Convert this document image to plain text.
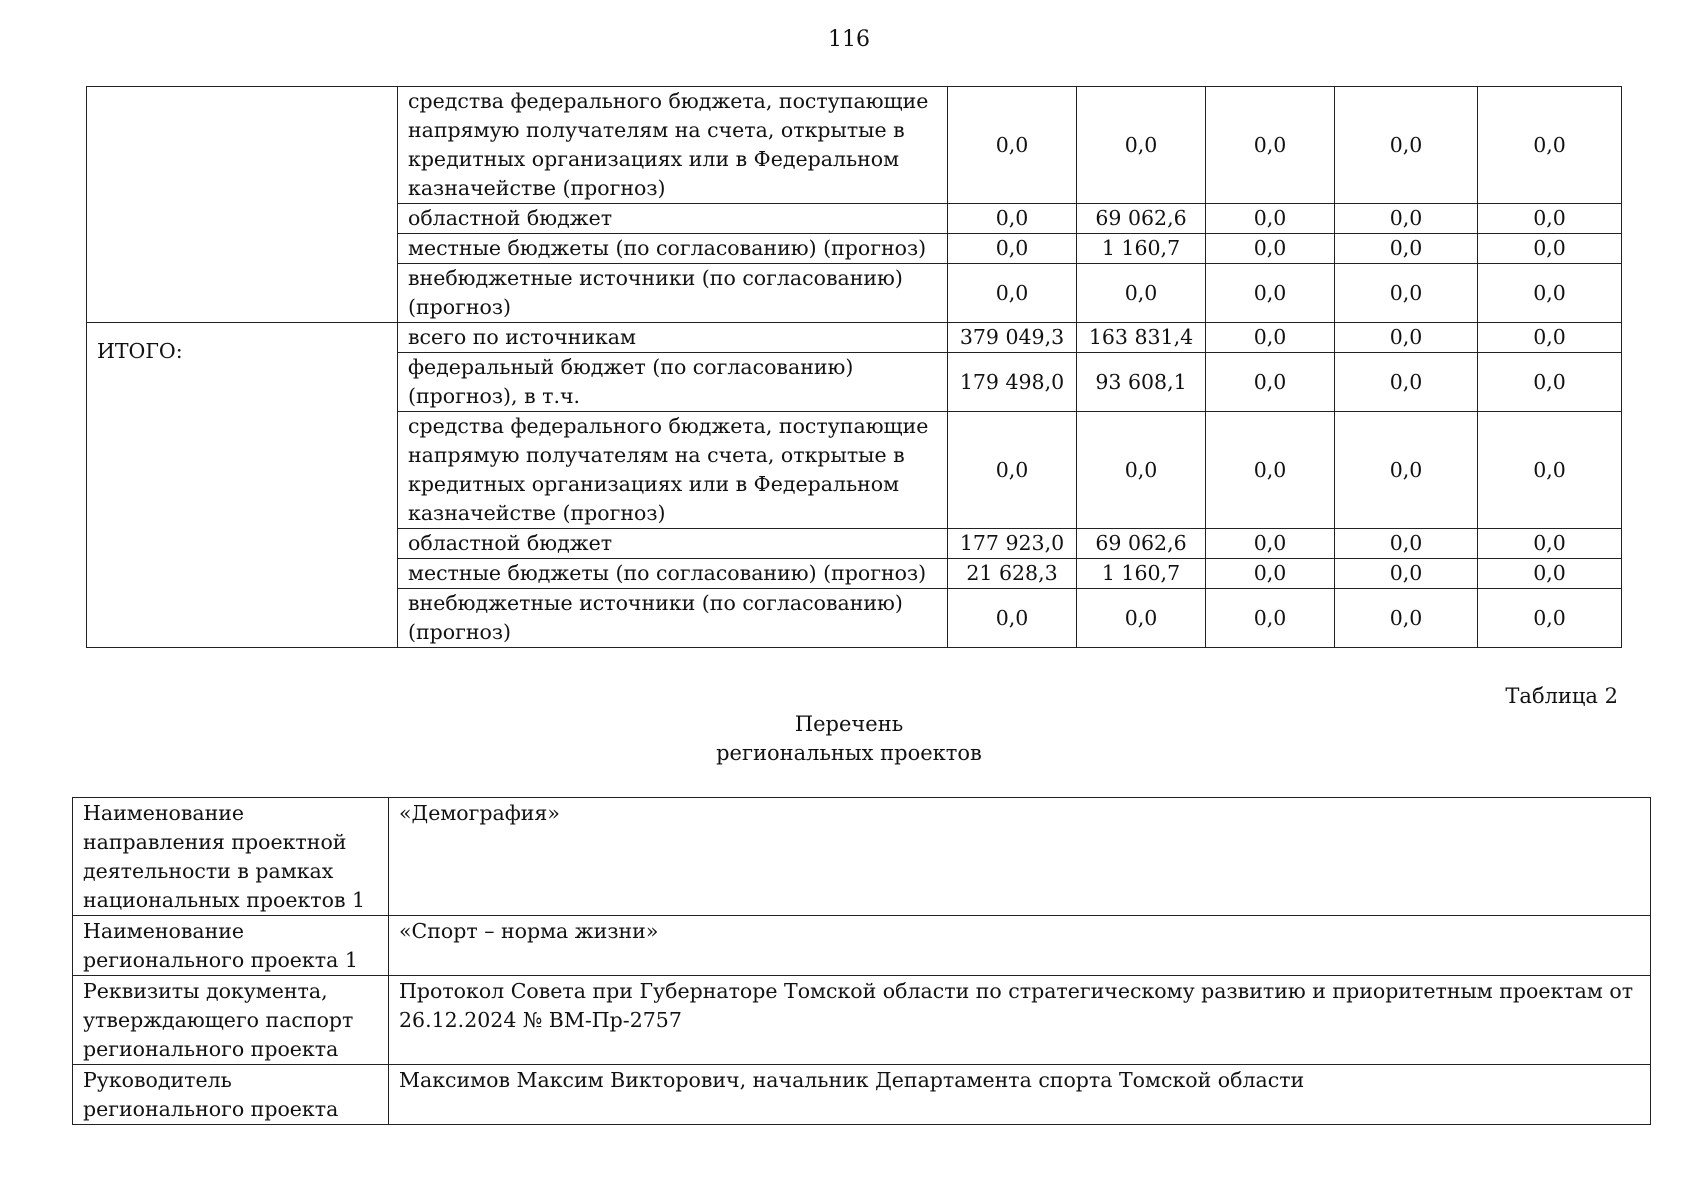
116
	средства федерального бюджета, поступающие напрямую получателям на счета, открытые в кредитных организациях или в Федеральном казначействе (прогноз)	0,0	0,0	0,0	0,0	0,0
	областной бюджет	0,0	69 062,6	0,0	0,0	0,0
	местные бюджеты (по согласованию) (прогноз)	0,0	1 160,7	0,0	0,0	0,0
	внебюджетные источники (по согласованию) (прогноз)	0,0	0,0	0,0	0,0	0,0
ИТОГО:	всего по источникам	379 049,3	163 831,4	0,0	0,0	0,0
	федеральный бюджет (по согласованию) (прогноз), в т.ч.	179 498,0	93 608,1	0,0	0,0	0,0
	средства федерального бюджета, поступающие напрямую получателям на счета, открытые в кредитных организациях или в Федеральном казначействе (прогноз)	0,0	0,0	0,0	0,0	0,0
	областной бюджет	177 923,0	69 062,6	0,0	0,0	0,0
	местные бюджеты (по согласованию) (прогноз)	21 628,3	1 160,7	0,0	0,0	0,0
	внебюджетные источники (по согласованию) (прогноз)	0,0	0,0	0,0	0,0	0,0
Таблица 2
Перечень
региональных проектов
Наименование направления проектной деятельности в рамках национальных проектов 1	«Демография»
Наименование регионального проекта 1	«Спорт – норма жизни»
Реквизиты документа, утверждающего паспорт регионального проекта	Протокол Совета при Губернаторе Томской области по стратегическому развитию и приоритетным проектам от 26.12.2024 № ВМ-Пр-2757
Руководитель регионального проекта	Максимов Максим Викторович, начальник Департамента спорта Томской области
